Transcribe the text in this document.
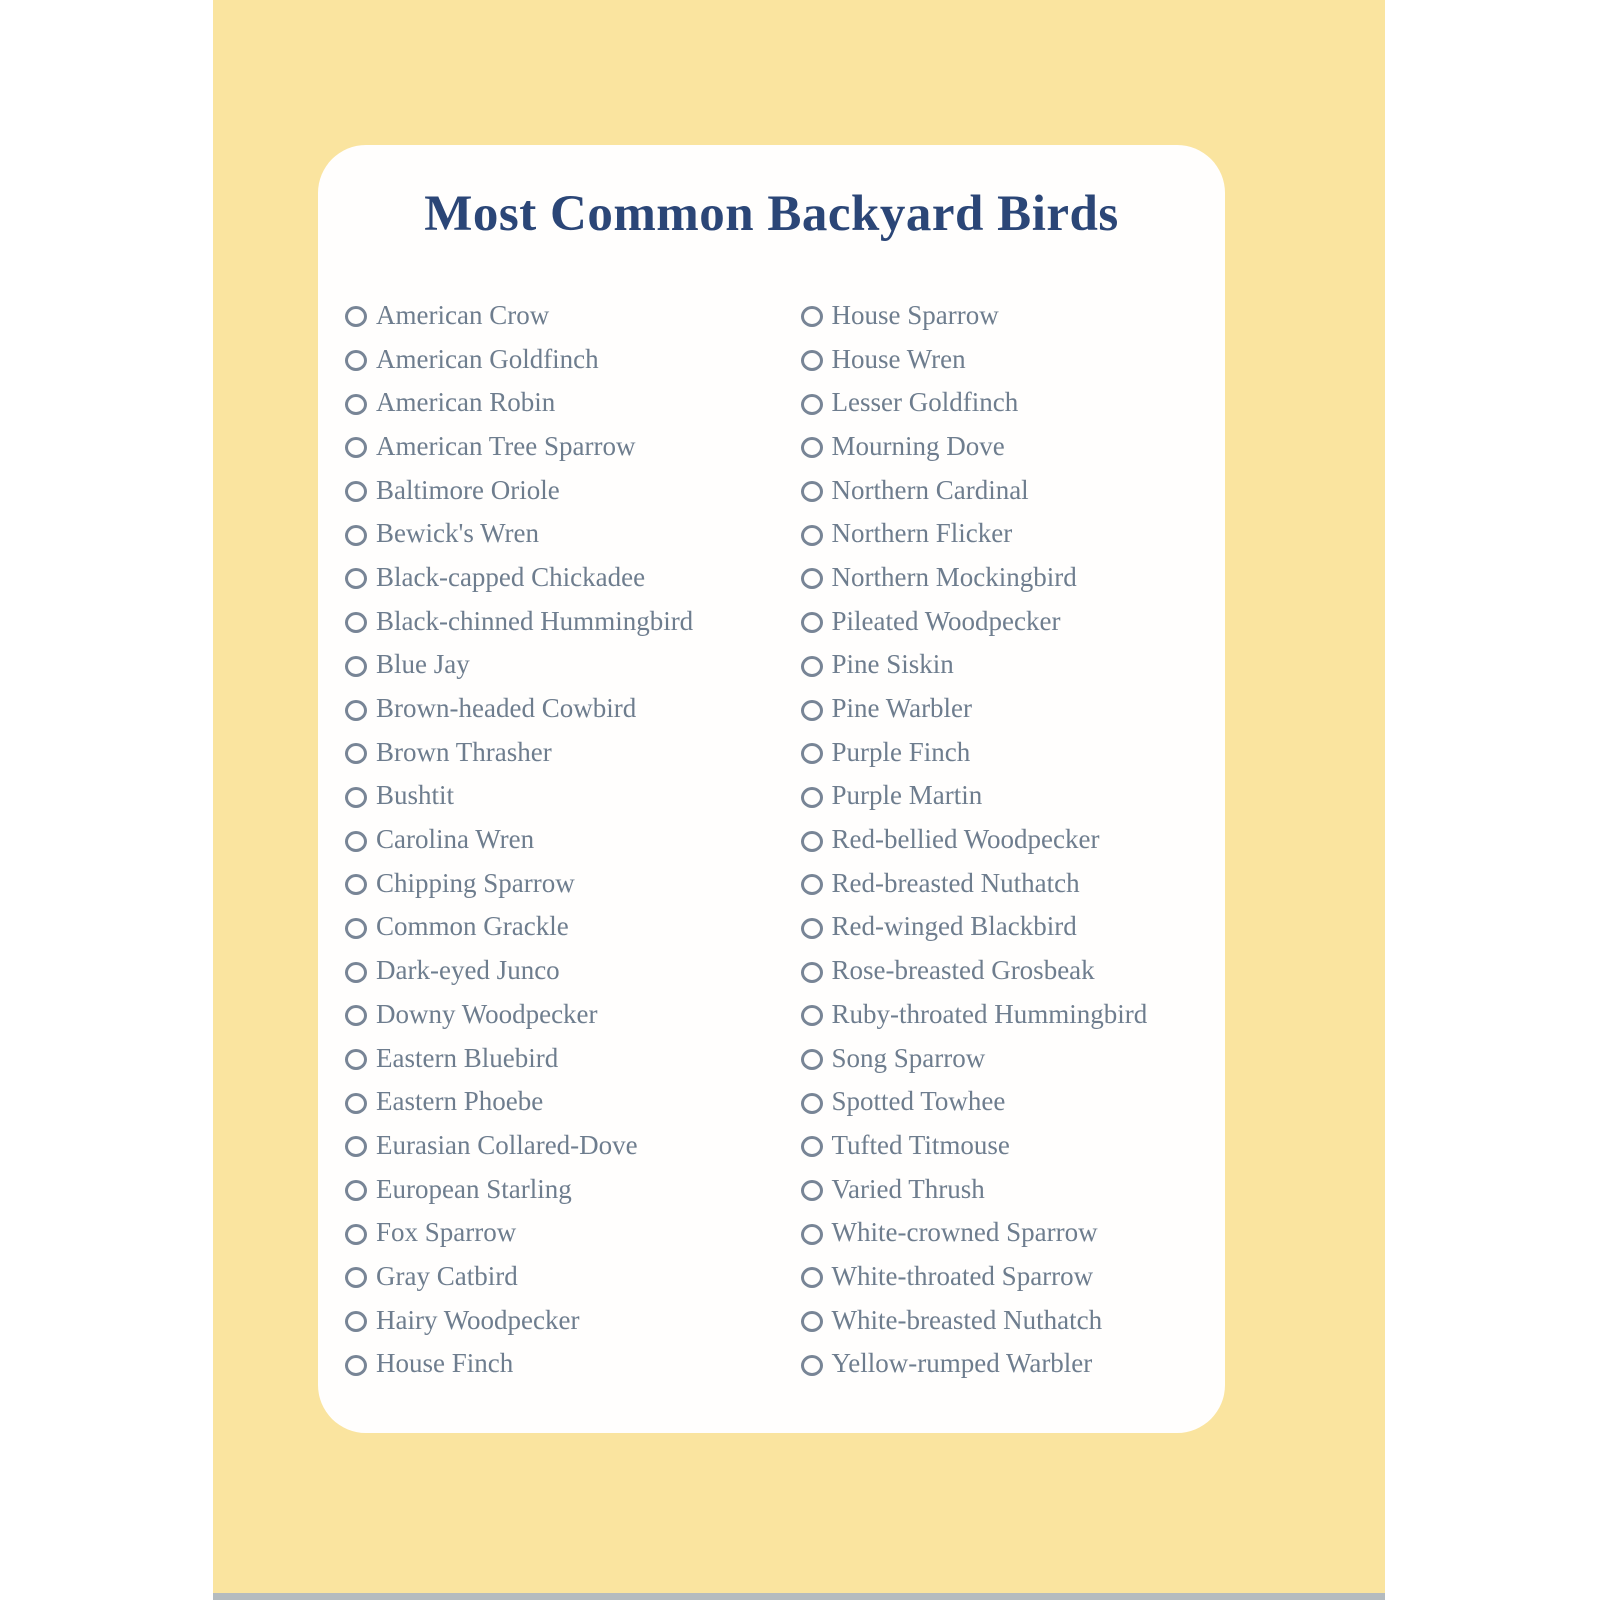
Most Common Backyard Birds
American Crow
American Goldfinch
American Robin
American Tree Sparrow
Baltimore Oriole
Bewick's Wren
Black-capped Chickadee
Black-chinned Hummingbird
Blue Jay
Brown-headed Cowbird
Brown Thrasher
Bushtit
Carolina Wren
Chipping Sparrow
Common Grackle
Dark-eyed Junco
Downy Woodpecker
Eastern Bluebird
Eastern Phoebe
Eurasian Collared-Dove
European Starling
Fox Sparrow
Gray Catbird
Hairy Woodpecker
House Finch
House Sparrow
House Wren
Lesser Goldfinch
Mourning Dove
Northern Cardinal
Northern Flicker
Northern Mockingbird
Pileated Woodpecker
Pine Siskin
Pine Warbler
Purple Finch
Purple Martin
Red-bellied Woodpecker
Red-breasted Nuthatch
Red-winged Blackbird
Rose-breasted Grosbeak
Ruby-throated Hummingbird
Song Sparrow
Spotted Towhee
Tufted Titmouse
Varied Thrush
White-crowned Sparrow
White-throated Sparrow
White-breasted Nuthatch
Yellow-rumped Warbler
